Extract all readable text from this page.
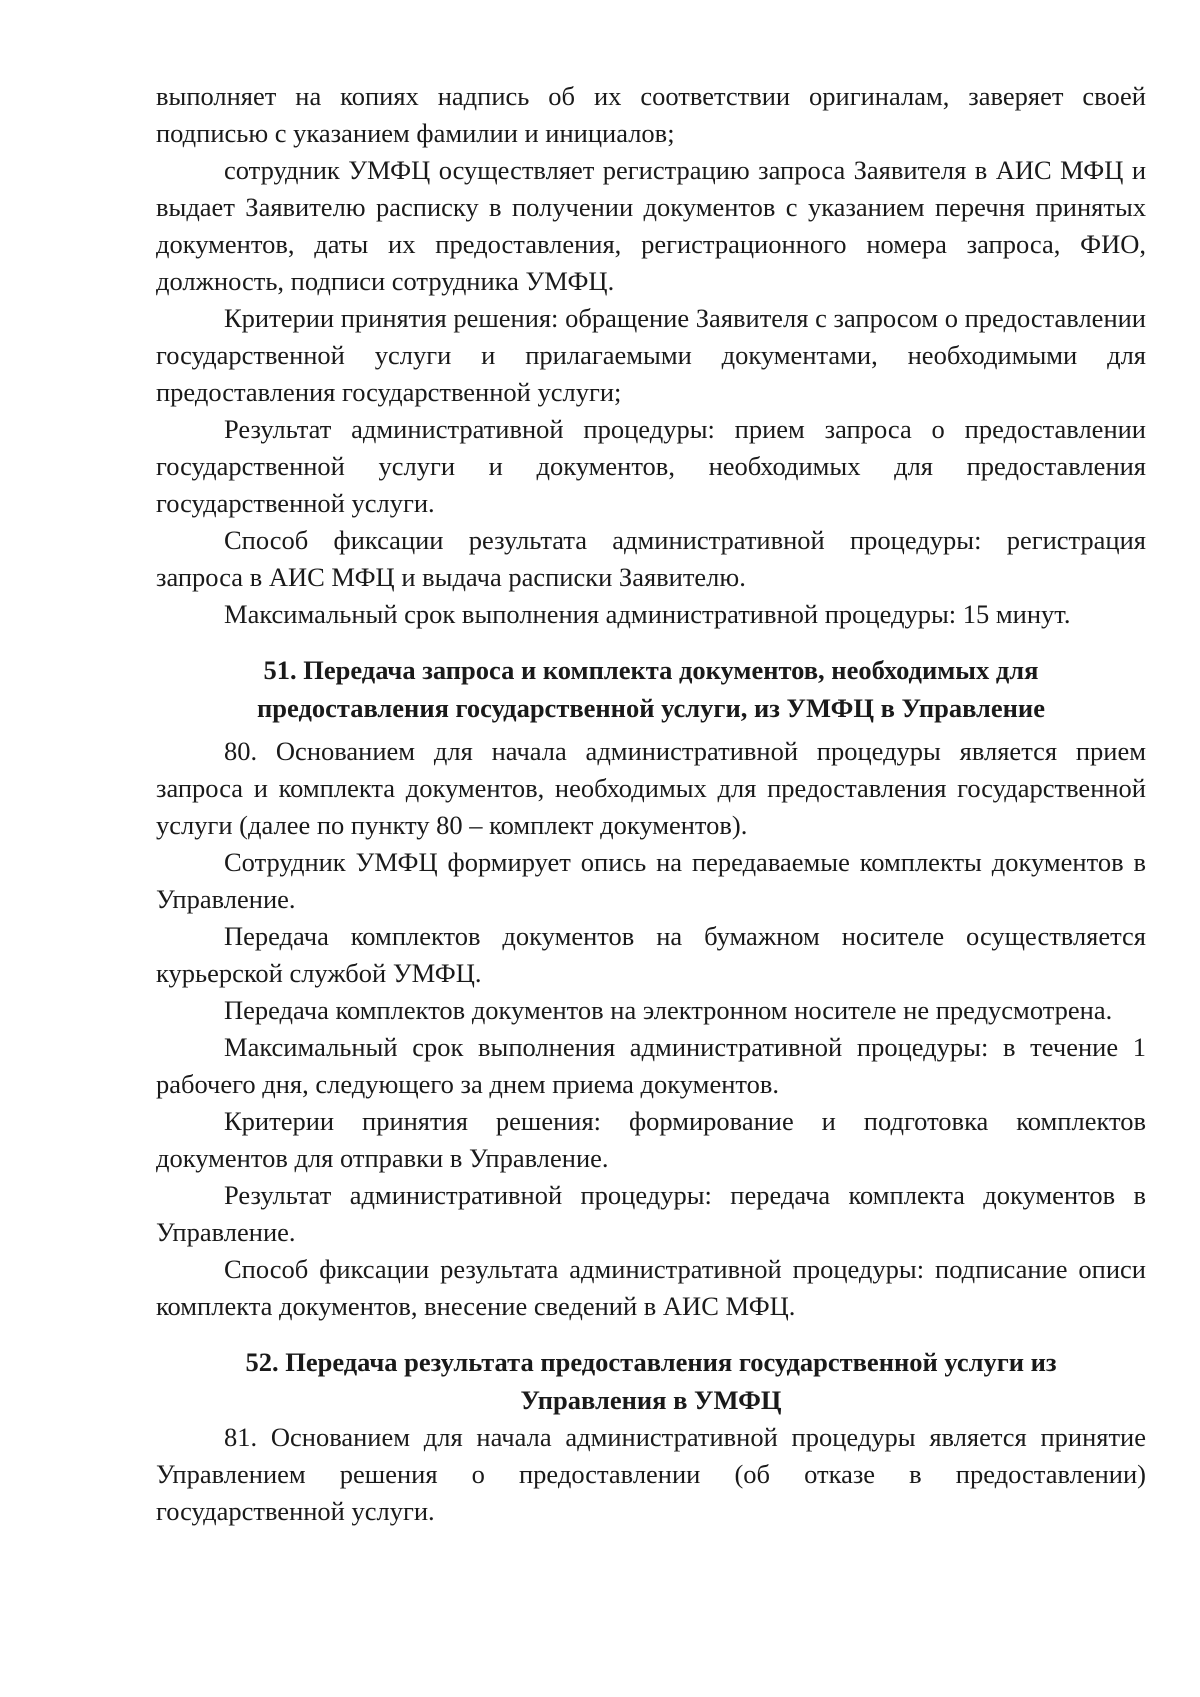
выполняет на копиях надпись об их соответствии оригиналам, заверяет своей подписью с указанием фамилии и инициалов;

сотрудник УМФЦ осуществляет регистрацию запроса Заявителя в АИС МФЦ и выдает Заявителю расписку в получении документов с указанием перечня принятых документов, даты их предоставления, регистрационного номера запроса, ФИО, должность, подписи сотрудника УМФЦ.

Критерии принятия решения: обращение Заявителя с запросом о предоставлении государственной услуги и прилагаемыми документами, необходимыми для предоставления государственной услуги;

Результат административной процедуры: прием запроса о предоставлении государственной услуги и документов, необходимых для предоставления государственной услуги.

Способ фиксации результата административной процедуры: регистрация запроса в АИС МФЦ и выдача расписки Заявителю.

Максимальный срок выполнения административной процедуры: 15 минут.

51. Передача запроса и комплекта документов, необходимых для

предоставления государственной услуги, из УМФЦ в Управление

80. Основанием для начала административной процедуры является прием запроса и комплекта документов, необходимых для предоставления государственной услуги (далее по пункту 80 – комплект документов).

Сотрудник УМФЦ формирует опись на передаваемые комплекты документов в Управление.

Передача комплектов документов на бумажном носителе осуществляется курьерской службой УМФЦ.

Передача комплектов документов на электронном носителе не предусмотрена.

Максимальный срок выполнения административной процедуры: в течение 1 рабочего дня, следующего за днем приема документов.

Критерии принятия решения: формирование и подготовка комплектов документов для отправки в Управление.

Результат административной процедуры: передача комплекта документов в Управление.

Способ фиксации результата административной процедуры: подписание описи комплекта документов, внесение сведений в АИС МФЦ.

52. Передача результата предоставления государственной услуги из

Управления в УМФЦ

81. Основанием для начала административной процедуры является принятие Управлением решения о предоставлении (об отказе в предоставлении) государственной услуги.
